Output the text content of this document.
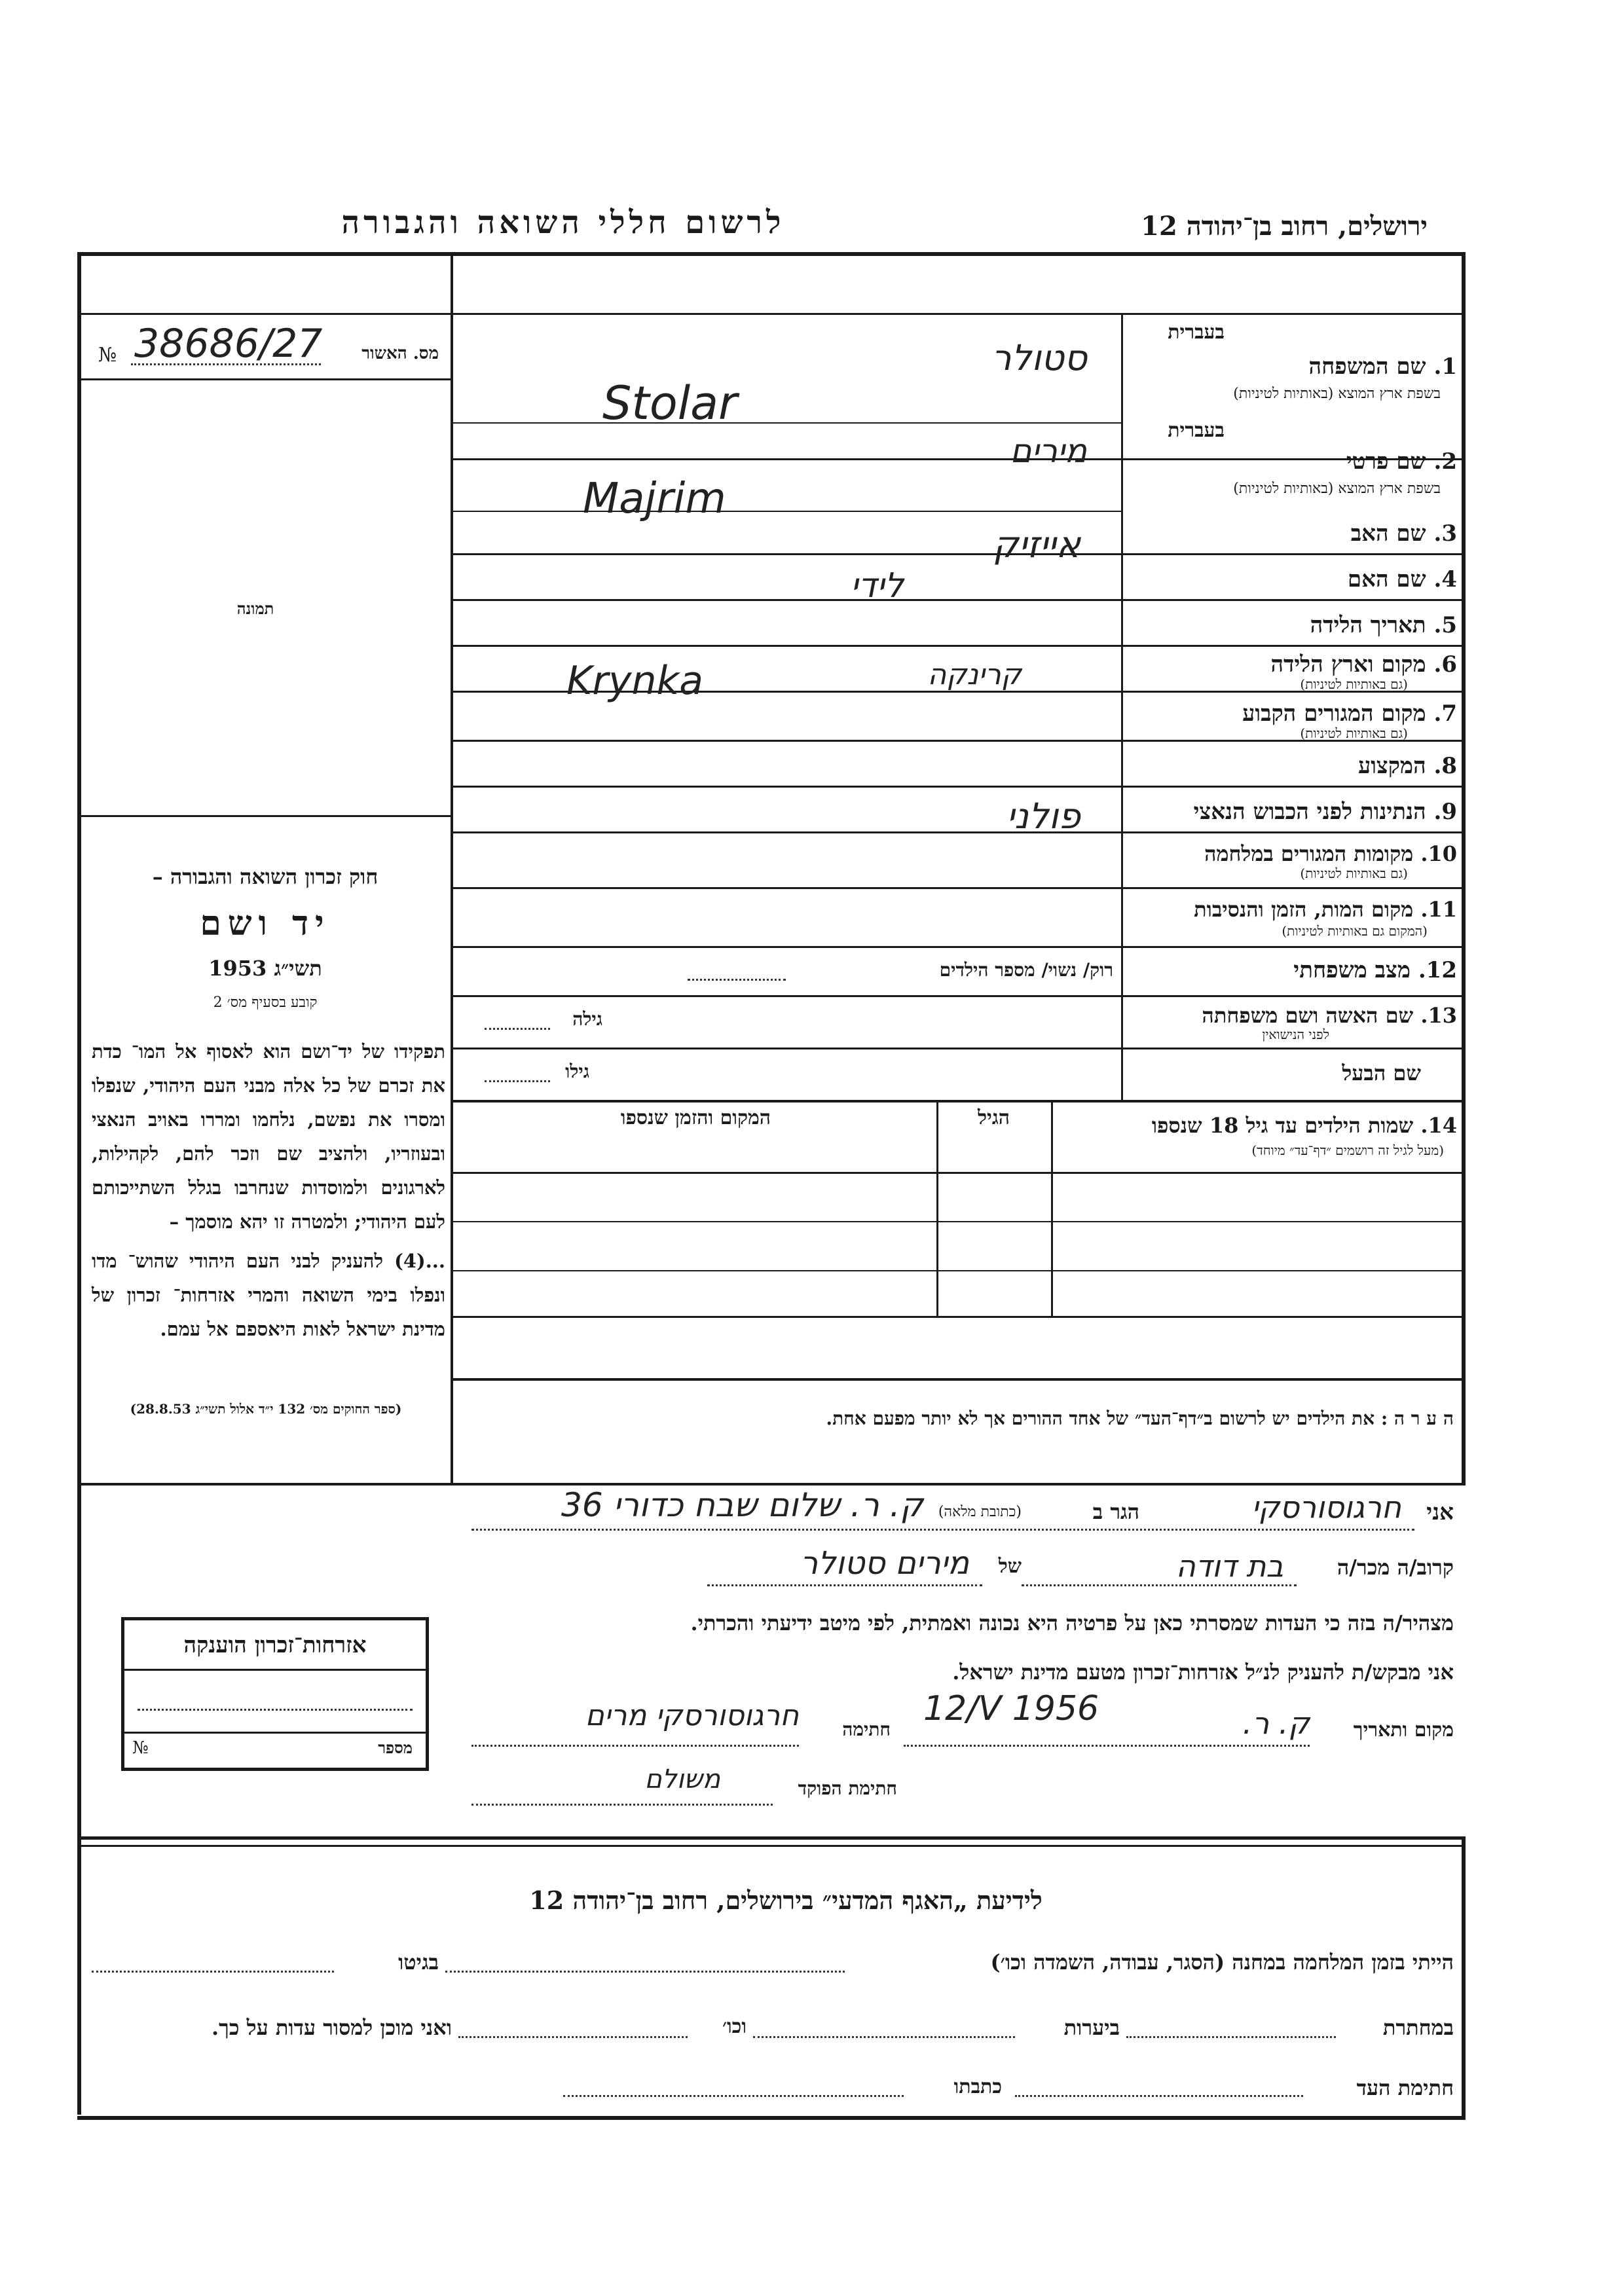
ירושלים, רחוב בן־יהודה 12
לרשום חללי השואה והגבורה
№ 38686/27	מס. האשור
תמונה
חוק זכרון השואה והגבורה –
יד ושם
תשי״ג 1953
קובע בסעיף מס׳ 2
תפקידו של יד־ושם הוא לאסוף אל המו־ כדת את זכרם של כל אלה מבני העם היהודי, שנפלו ומסרו את נפשם, נלחמו ומררו באויב הנאצי ובעוזריו, ולהציב שם וזכר להם, לקהילות, לארגונים ולמוסדות שנחרבו בגלל השתייכותם לעם היהודי; ולמטרה זו יהא מוסמך –
...(4) להעניק לבני העם היהודי שהוש־ מדו ונפלו בימי השואה והמרי אזרחות־ זכרון של מדינת ישראל לאות היאספם אל עמם.
(ספר החוקים מס׳ 132 י״ד אלול תשי״ג 28.8.53)
בעברית
1. שם המשפחה
בשפת ארץ המוצא (באותיות לטיניות)
סטולר
Stolar
בעברית
2. שם פרטי
בשפת ארץ המוצא (באותיות לטיניות)
מירים
Majrim
3. שם האב
אייזיק
4. שם האם
לידי
5. תאריך הלידה
6. מקום וארץ הלידה
(גם באותיות לטיניות)
קרינקה
Krynka
7. מקום המגורים הקבוע
(גם באותיות לטיניות)
8. המקצוע
9. הנתינות לפני הכבוש הנאצי
פולני
10. מקומות המגורים במלחמה
(גם באותיות לטיניות)
11. מקום המות, הזמן והנסיבות
(המקום גם באותיות לטיניות)
12. מצב משפחתי
רוק/ נשוי/ מספר הילדים
13. שם האשה ושם משפחתה
לפני הנישואין
גילה
שם הבעל
גילו
14. שמות הילדים עד גיל 18 שנספו
(מעל לגיל זה רושמים ״דף־עד״ מיוחד)
הגיל
המקום והזמן שנספו
ה ע ר ה : את הילדים יש לרשום ב״דף־העד״ של אחד ההורים אך לא יותר מפעם אחת.
אני
חרגוסורסקי
הגר ב
(כתובת מלאה)
ק. ר. שלום שבח כדורי 36
קרוב/ה מכר/ה
בת דודה
של
מירים סטולר
מצהיר/ה בזה כי העדות שמסרתי כאן על פרטיה היא נכונה ואמתית, לפי מיטב ידיעתי והכרתי.
אני מבקש/ת להעניק לנ״ל אזרחות־זכרון מטעם מדינת ישראל.
מקום ותאריך
ק. ר.
12/V 1956
חתימה
חרגוסורסקי מרים
חתימת הפוקד
משולם
אזרחות־זכרון הוענקה
№	מספר
לידיעת „האגף המדעי״ בירושלים, רחוב בן־יהודה 12
הייתי בזמן המלחמה במחנה (הסגר, עבודה, השמדה וכו׳)
בגיטו
במחתרת
ביערות
וכו׳
ואני מוכן למסור עדות על כך.
חתימת העד
כתבתו
